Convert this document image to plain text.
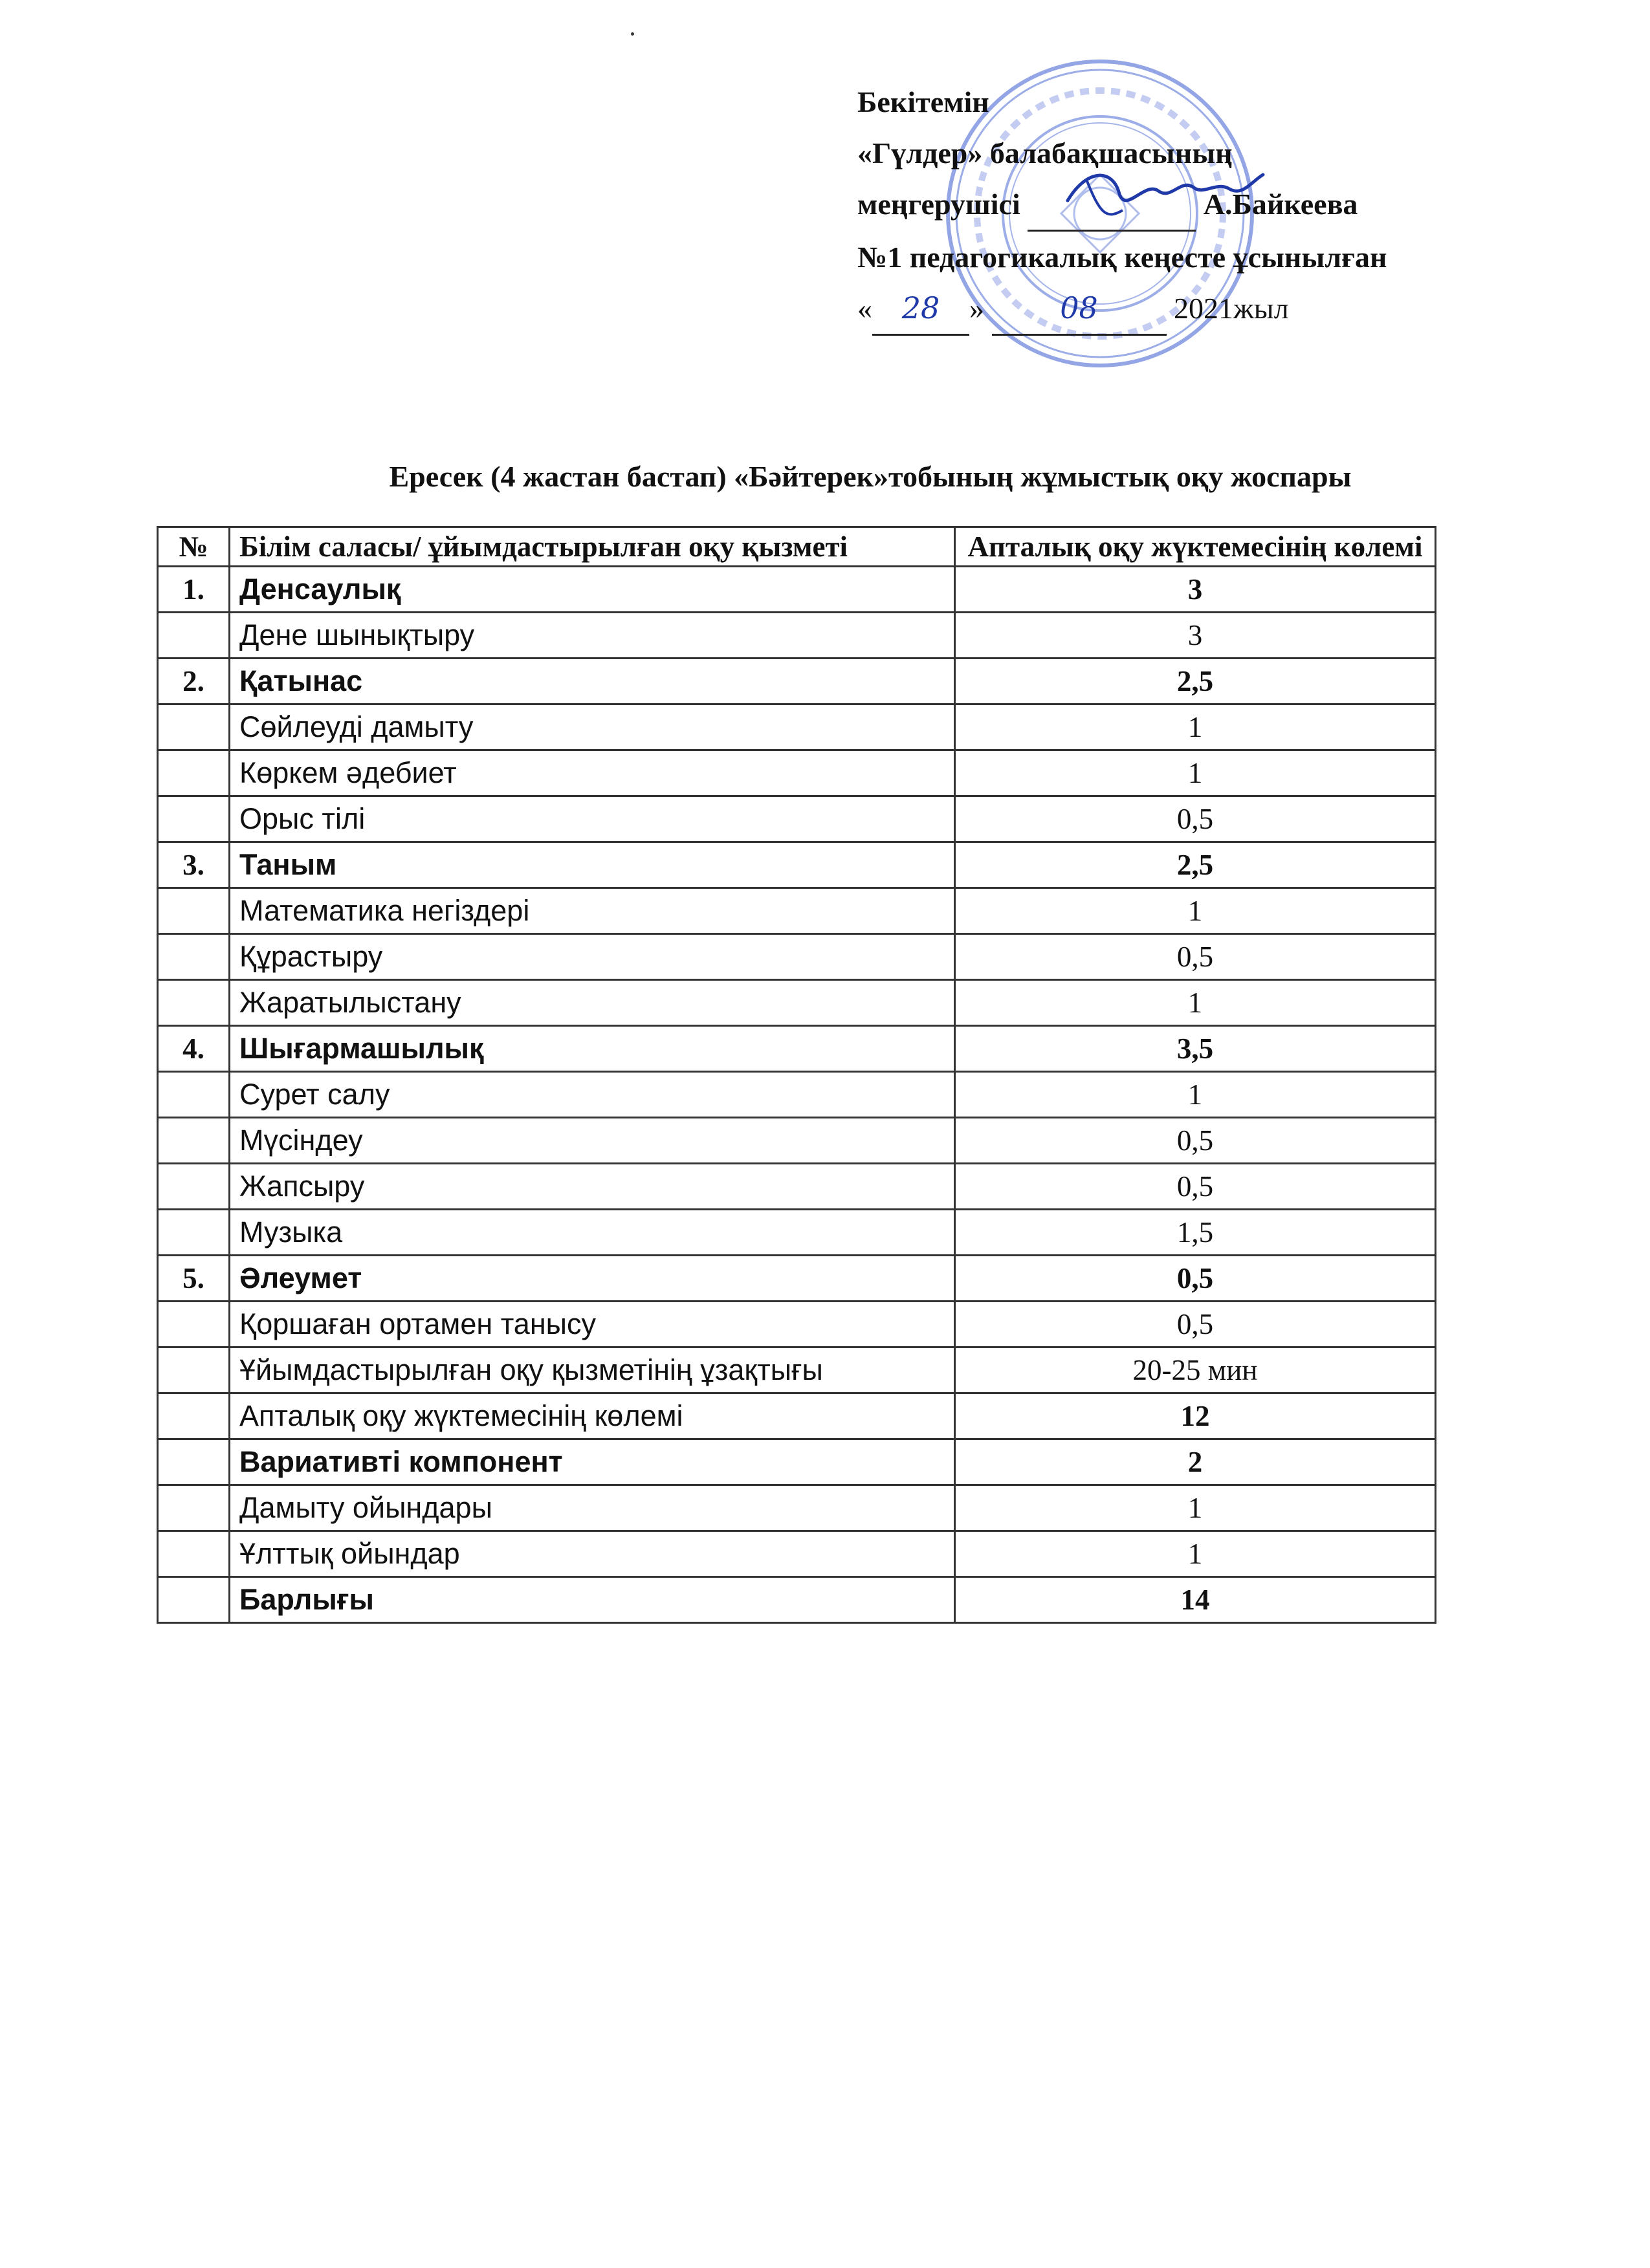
Бекітемін
«Гүлдер» балабақшасының
меңгерушісі	А.Байкеева
№1 педагогикалық кеңесте ұсынылған
« 28 »	08	2021жыл
Ересек (4 жастан бастап) «Бәйтерек»тобының жұмыстық оқу жоспары
№	Білім саласы/ ұйымдастырылған оқу қызметі	Апталық оқу жүктемесінің көлемі
1.	Денсаулық	3
	Дене шынықтыру	3
2.	Қатынас	2,5
	Сөйлеуді дамыту	1
	Көркем әдебиет	1
	Орыс тілі	0,5
3.	Таным	2,5
	Математика негіздері	1
	Құрастыру	0,5
	Жаратылыстану	1
4.	Шығармашылық	3,5
	Сурет салу	1
	Мүсіндеу	0,5
	Жапсыру	0,5
	Музыка	1,5
5.	Әлеумет	0,5
	Қоршаған ортамен танысу	0,5
	Ұйымдастырылған оқу қызметінің ұзақтығы	20-25 мин
	Апталық оқу жүктемесінің көлемі	12
	Вариативті компонент	2
	Дамыту ойындары	1
	Ұлттық ойындар	1
	Барлығы	14
